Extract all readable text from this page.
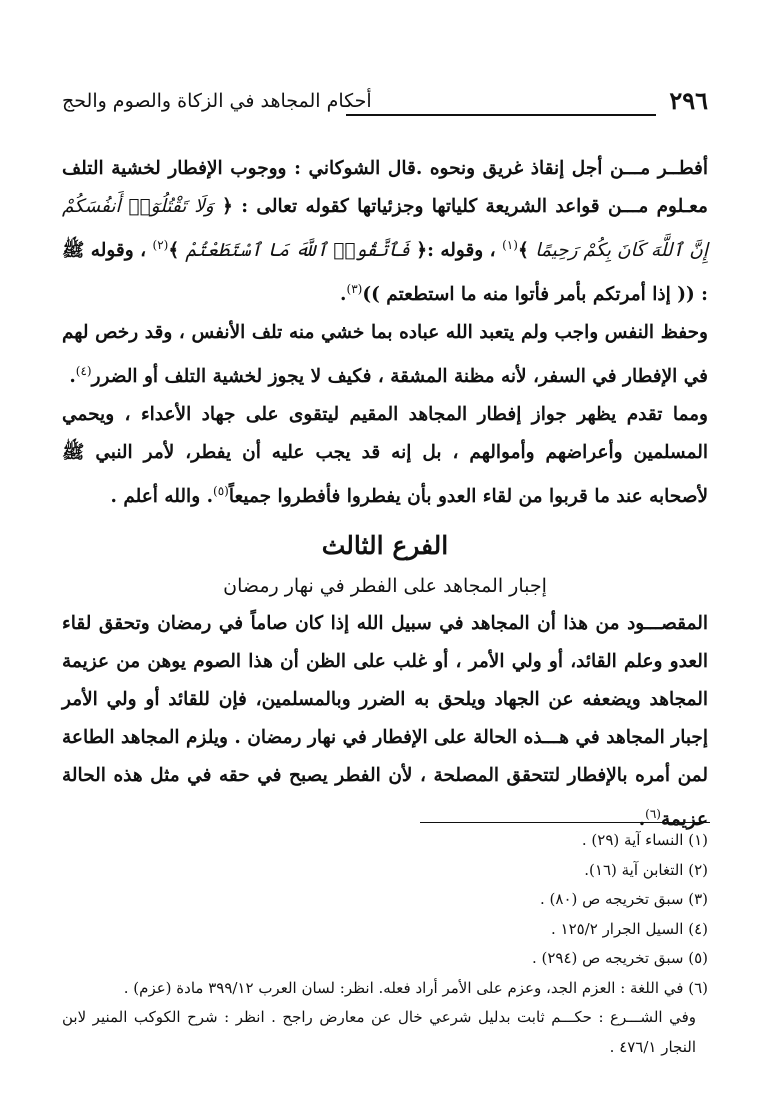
٢٩٦
أحكام المجاهد في الزكاة والصوم والحج

أفطــر مـــن أجل إنقاذ غريق ونحوه .قال الشوكاني : ووجوب الإفطار لخشية التلف معـلوم مـــن قواعد الشريعة كلياتها وجزئياتها كقوله تعالى : ﴿ وَلَا تَقْتُلُوٓا۟ أَنفُسَكُمْ إِنَّ ٱللَّهَ كَانَ بِكُمْ رَحِيمًا ﴾$^{(١)}$ ، وقوله :﴿ فَٱتَّقُوا۟ ٱللَّهَ مَا ٱسْتَطَعْتُمْ ﴾$^{(٢)}$ ، وقوله ﷺ : (( إذا أمرتكم بأمر فأتوا منه ما استطعتم ))$^{(٣)}$.

وحفظ النفس واجب ولم يتعبد الله عباده بما خشي منه تلف الأنفس ، وقد رخص لهم في الإفطار في السفر، لأنه مظنة المشقة ، فكيف لا يجوز لخشية التلف أو الضرر$^{(٤)}$.

ومما تقدم يظهر جواز إفطار المجاهد المقيم ليتقوى على جهاد الأعداء ، ويحمي المسلمين وأعراضهم وأموالهم ، بل إنه قد يجب عليه أن يفطر، لأمر النبي ﷺ لأصحابه عند ما قربوا من لقاء العدو بأن يفطروا فأفطروا جميعاً$^{(٥)}$. والله أعلم .

الفرع الثالث
إجبار المجاهد على الفطر في نهار رمضان

المقصـــود من هذا أن المجاهد في سبيل الله إذا كان صاماً في رمضان وتحقق لقاء العدو وعلم القائد، أو ولي الأمر ، أو غلب على الظن أن هذا الصوم يوهن من عزيمة المجاهد ويضعفه عن الجهاد ويلحق به الضرر وبالمسلمين، فإن للقائد أو ولي الأمر إجبار المجاهد في هـــذه الحالة على الإفطار في نهار رمضان . ويلزم المجاهد الطاعة لمن أمره بالإفطار لتتحقق المصلحة ، لأن الفطر يصبح في حقه في مثل هذه الحالة عزيمة$^{(٦)}$.

(١) النساء آية (٢٩) .

(٢) التغابن آية (١٦).

(٣) سبق تخريجه ص (٨٠) .

(٤) السيل الجرار ١٢٥/٢ .

(٥) سبق تخريجه ص (٢٩٤) .

(٦) في اللغة : العزم الجد، وعزم على الأمر أراد فعله. انظر: لسان العرب ٣٩٩/١٢ مادة (عزم) .

وفي الشـــرع : حكـــم ثابت بدليل شرعي خال عن معارض راجح . انظر : شرح الكوكب المنير لابن النجار ٤٧٦/١ .
